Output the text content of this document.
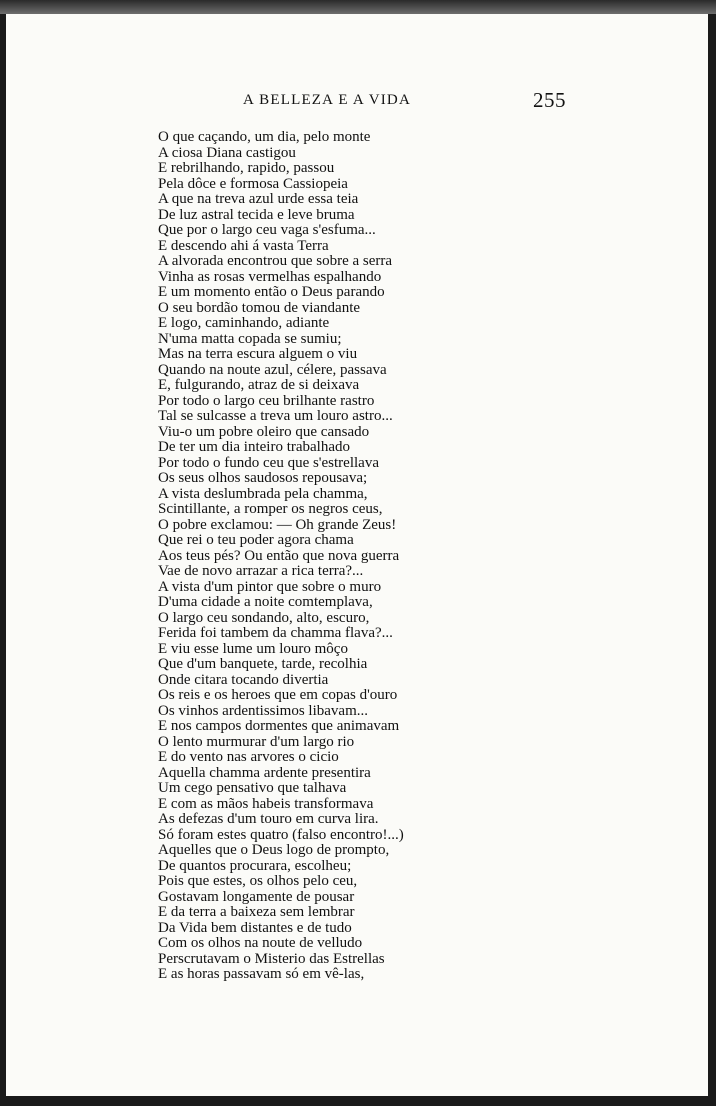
A BELLEZA E A VIDA	255
O que caçando, um dia, pelo monte
A ciosa Diana castigou
E rebrilhando, rapido, passou
Pela dôce e formosa Cassiopeia
A que na treva azul urde essa teia
De luz astral tecida e leve bruma
Que por o largo ceu vaga s'esfuma...
E descendo ahi á vasta Terra
A alvorada encontrou que sobre a serra
Vinha as rosas vermelhas espalhando
E um momento então o Deus parando
O seu bordão tomou de viandante
E logo, caminhando, adiante
N'uma matta copada se sumiu;
Mas na terra escura alguem o viu
Quando na noute azul, célere, passava
E, fulgurando, atraz de si deixava
Por todo o largo ceu brilhante rastro
Tal se sulcasse a treva um louro astro...
Viu-o um pobre oleiro que cansado
De ter um dia inteiro trabalhado
Por todo o fundo ceu que s'estrellava
Os seus olhos saudosos repousava;
A vista deslumbrada pela chamma,
Scintillante, a romper os negros ceus,
O pobre exclamou: — Oh grande Zeus!
Que rei o teu poder agora chama
Aos teus pés? Ou então que nova guerra
Vae de novo arrazar a rica terra?...
A vista d'um pintor que sobre o muro
D'uma cidade a noite comtemplava,
O largo ceu sondando, alto, escuro,
Ferida foi tambem da chamma flava?...
E viu esse lume um louro môço
Que d'um banquete, tarde, recolhia
Onde citara tocando divertia
Os reis e os heroes que em copas d'ouro
Os vinhos ardentissimos libavam...
E nos campos dormentes que animavam
O lento murmurar d'um largo rio
E do vento nas arvores o cicio
Aquella chamma ardente presentira
Um cego pensativo que talhava
E com as mãos habeis transformava
As defezas d'um touro em curva lira.
Só foram estes quatro (falso encontro!...)
Aquelles que o Deus logo de prompto,
De quantos procurara, escolheu;
Pois que estes, os olhos pelo ceu,
Gostavam longamente de pousar
E da terra a baixeza sem lembrar
Da Vida bem distantes e de tudo
Com os olhos na noute de velludo
Perscrutavam o Misterio das Estrellas
E as horas passavam só em vê-las,
